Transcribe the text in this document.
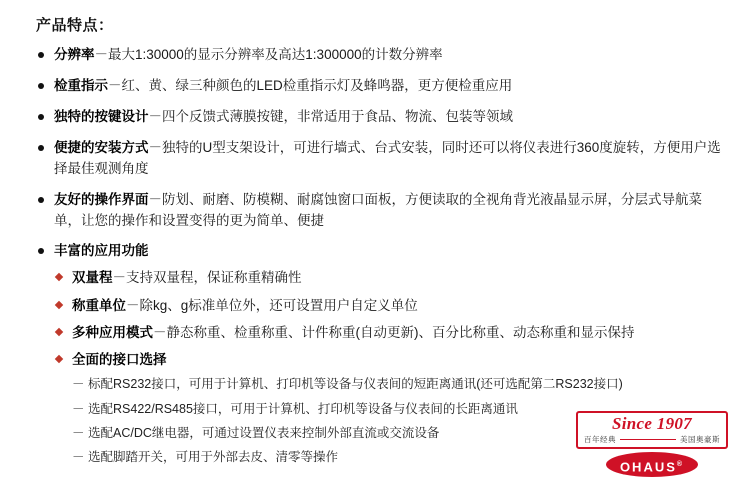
产品特点：
分辨率－最大1:30000的显示分辨率及高达1:300000的计数分辨率
检重指示－红、黄、绿三种颜色的LED检重指示灯及蜂鸣器，更方便检重应用
独特的按键设计－四个反馈式薄膜按键，非常适用于食品、物流、包装等领域
便捷的安装方式－独特的U型支架设计，可进行墙式、台式安装，同时还可以将仪表进行360度旋转，方便用户选择最佳观测角度
友好的操作界面－防划、耐磨、防模糊、耐腐蚀窗口面板，方便读取的全视角背光液晶显示屏，分层式导航菜单，让您的操作和设置变得的更为简单、便捷
丰富的应用功能
双量程－支持双量程，保证称重精确性
称重单位－除kg、g标准单位外，还可设置用户自定义单位
多种应用模式－静态称重、检重称重、计件称重(自动更新)、百分比称重、动态称重和显示保持
全面的接口选择
－ 标配RS232接口，可用于计算机、打印机等设备与仪表间的短距离通讯(还可选配第二RS232接口)
－ 选配RS422/RS485接口，可用于计算机、打印机等设备与仪表间的长距离通讯
－ 选配AC/DC继电器，可通过设置仪表来控制外部直流或交流设备
－ 选配脚踏开关，可用于外部去皮、清零等操作
Since 1907
百年经典	美国奥豪斯
OHAUS®
